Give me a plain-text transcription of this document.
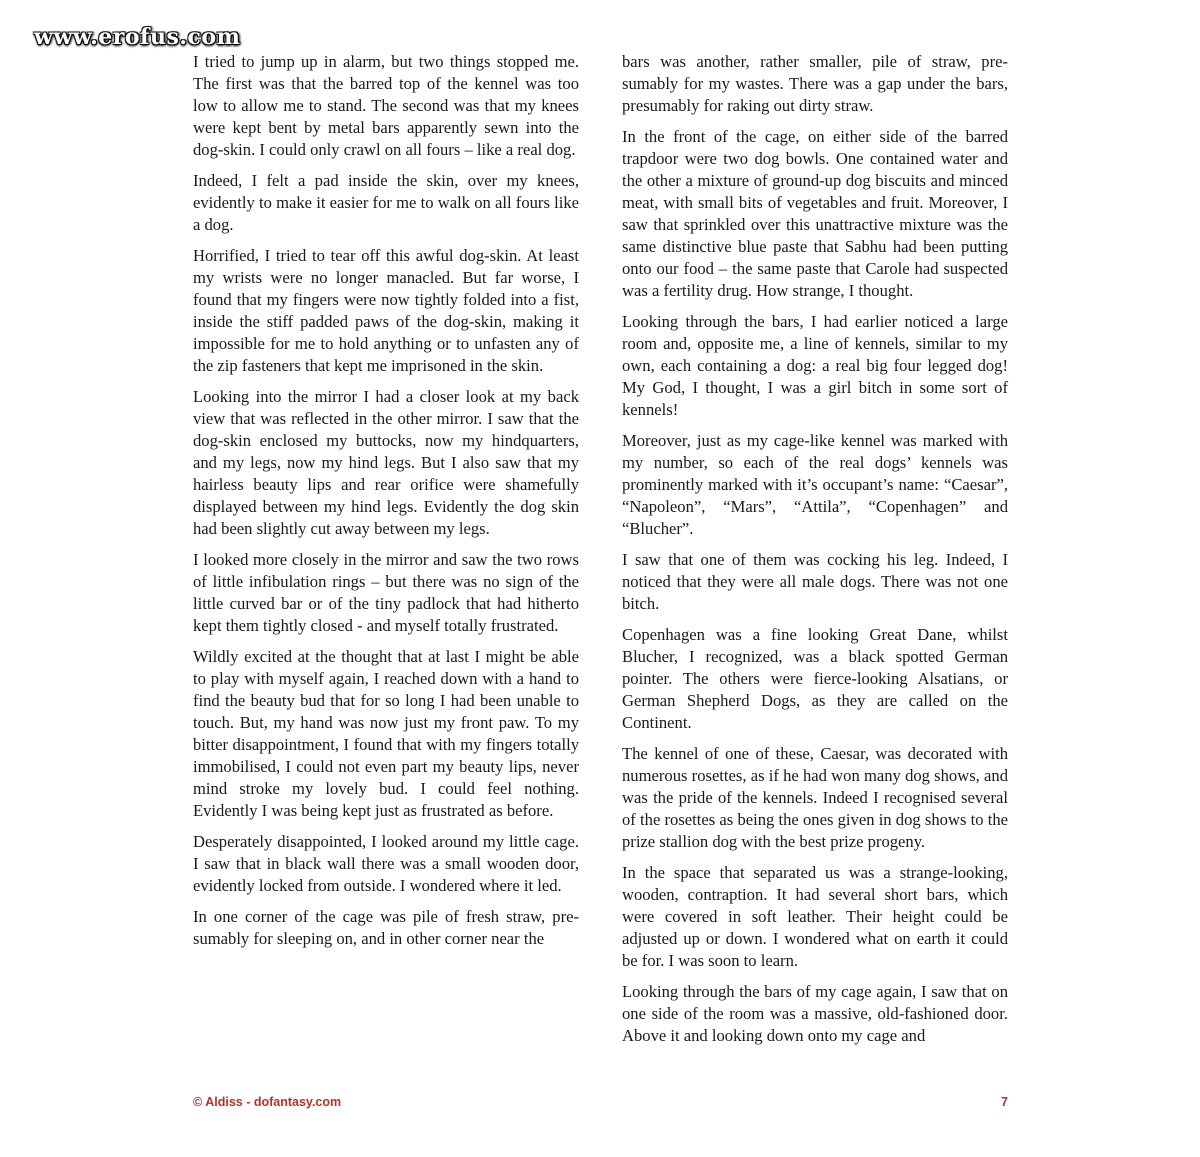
www.erofus.com

I tried to jump up in alarm, but two things stopped me. The first was that the barred top of the kennel was too low to allow me to stand. The second was that my knees were kept bent by metal bars apparently sewn into the dog-skin. I could only crawl on all fours – like a real dog.

Indeed, I felt a pad inside the skin, over my knees, evidently to make it easier for me to walk on all fours like a dog.

Horrified, I tried to tear off this awful dog-skin. At least my wrists were no longer manacled. But far worse, I found that my fingers were now tightly folded into a fist, inside the stiff padded paws of the dog-skin, making it impossible for me to hold anything or to unfasten any of the zip fasteners that kept me imprisoned in the skin.

Looking into the mirror I had a closer look at my back view that was reflected in the other mirror. I saw that the dog-skin enclosed my buttocks, now my hindquarters, and my legs, now my hind legs. But I also saw that my hairless beauty lips and rear orifice were shamefully displayed between my hind legs. Evidently the dog skin had been slightly cut away between my legs.

I looked more closely in the mirror and saw the two rows of little infibulation rings – but there was no sign of the little curved bar or of the tiny padlock that had hitherto kept them tightly closed - and myself totally frustrated.

Wildly excited at the thought that at last I might be able to play with myself again, I reached down with a hand to find the beauty bud that for so long I had been unable to touch. But, my hand was now just my front paw. To my bitter disappointment, I found that with my fingers totally immobilised, I could not even part my beauty lips, never mind stroke my lovely bud. I could feel nothing. Evidently I was being kept just as frustrated as before.

Desperately disappointed, I looked around my little cage. I saw that in black wall there was a small wooden door, evidently locked from outside. I wondered where it led.

In one corner of the cage was pile of fresh straw, presumably for sleeping on, and in other corner near the

bars was another, rather smaller, pile of straw, presumably for my wastes. There was a gap under the bars, presumably for raking out dirty straw.

In the front of the cage, on either side of the barred trapdoor were two dog bowls. One contained water and the other a mixture of ground-up dog biscuits and minced meat, with small bits of vegetables and fruit. Moreover, I saw that sprinkled over this unattractive mixture was the same distinctive blue paste that Sabhu had been putting onto our food – the same paste that Carole had suspected was a fertility drug. How strange, I thought.

Looking through the bars, I had earlier noticed a large room and, opposite me, a line of kennels, similar to my own, each containing a dog: a real big four legged dog! My God, I thought, I was a girl bitch in some sort of kennels!

Moreover, just as my cage-like kennel was marked with my number, so each of the real dogs’ kennels was prominently marked with it’s occupant’s name: “Caesar”, “Napoleon”, “Mars”, “Attila”, “Copenhagen” and “Blucher”.

I saw that one of them was cocking his leg. Indeed, I noticed that they were all male dogs. There was not one bitch.

Copenhagen was a fine looking Great Dane, whilst Blucher, I recognized, was a black spotted German pointer. The others were fierce-looking Alsatians, or German Shepherd Dogs, as they are called on the Continent.

The kennel of one of these, Caesar, was decorated with numerous rosettes, as if he had won many dog shows, and was the pride of the kennels. Indeed I recognised several of the rosettes as being the ones given in dog shows to the prize stallion dog with the best prize progeny.

In the space that separated us was a strange-looking, wooden, contraption. It had several short bars, which were covered in soft leather. Their height could be adjusted up or down. I wondered what on earth it could be for. I was soon to learn.

Looking through the bars of my cage again, I saw that on one side of the room was a massive, old-fashioned door. Above it and looking down onto my cage and

© Aldiss - dofantasy.com	7
